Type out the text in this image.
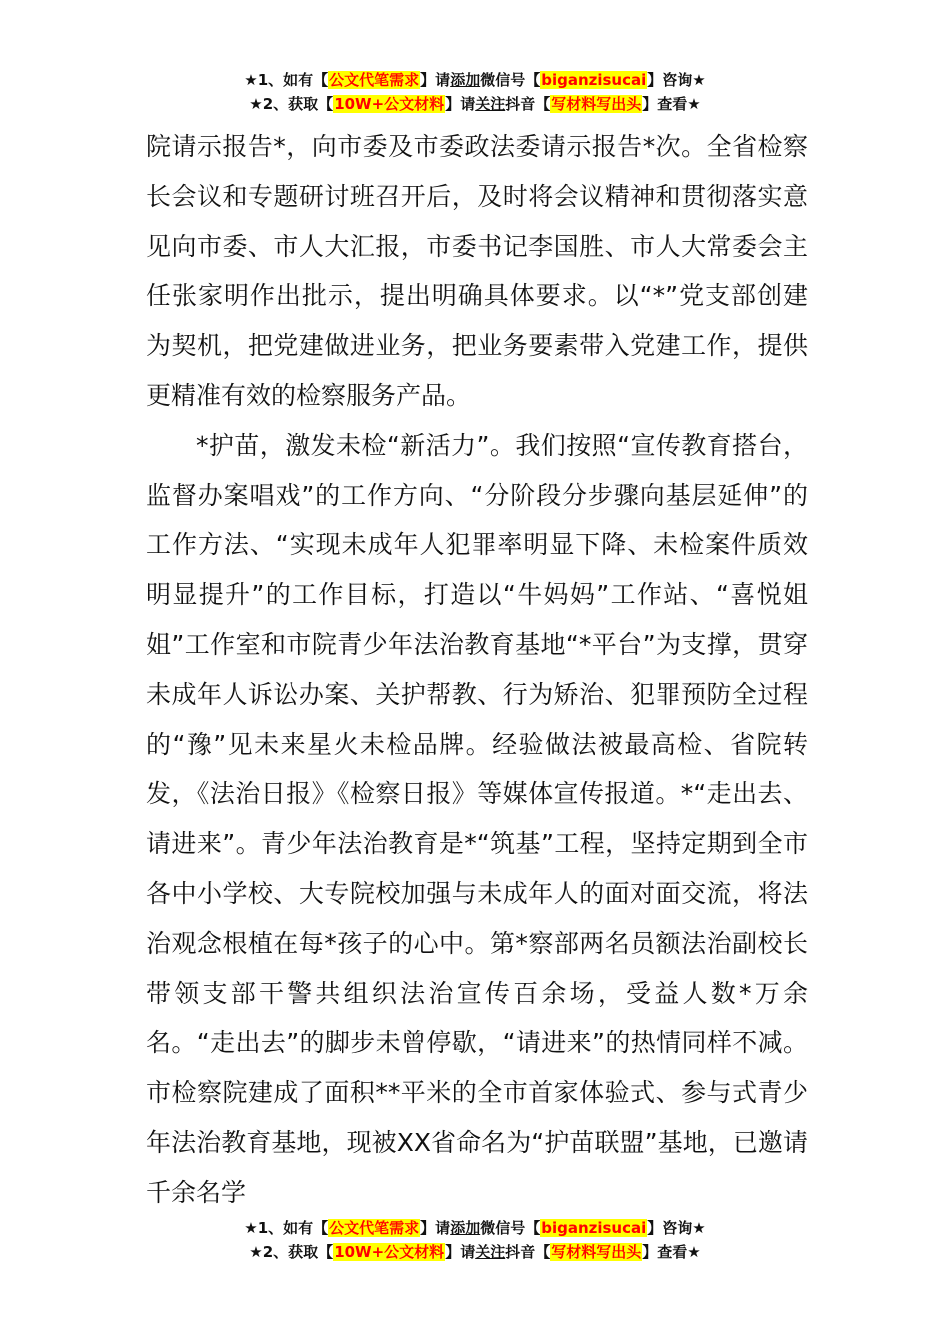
★1、如有【公文代笔需求】请添加微信号【biganzisucai】咨询★
★2、获取【10W+公文材料】请关注抖音【写材料写出头】查看★

院请示报告*，向市委及市委政法委请示报告*次。全省检察长会议和专题研讨班召开后，及时将会议精神和贯彻落实意见向市委、市人大汇报，市委书记李国胜、市人大常委会主任张家明作出批示，提出明确具体要求。以“*”党支部创建为契机，把党建做进业务，把业务要素带入党建工作，提供更精准有效的检察服务产品。

*护苗，激发未检“新活力”。我们按照“宣传教育搭台，监督办案唱戏”的工作方向、“分阶段分步骤向基层延伸”的工作方法、“实现未成年人犯罪率明显下降、未检案件质效明显提升”的工作目标，打造以“牛妈妈”工作站、“喜悦姐姐”工作室和市院青少年法治教育基地“*平台”为支撑，贯穿未成年人诉讼办案、关护帮教、行为矫治、犯罪预防全过程的“豫”见未来星火未检品牌。经验做法被最高检、省院转发，《法治日报》《检察日报》等媒体宣传报道。*“走出去、请进来”。青少年法治教育是*“筑基”工程，坚持定期到全市各中小学校、大专院校加强与未成年人的面对面交流，将法治观念根植在每*孩子的心中。第*察部两名员额法治副校长带领支部干警共组织法治宣传百余场，受益人数*万余名。“走出去”的脚步未曾停歇，“请进来”的热情同样不减。市检察院建成了面积**平米的全市首家体验式、参与式青少年法治教育基地，现被XX省命名为“护苗联盟”基地，已邀请千余名学

★1、如有【公文代笔需求】请添加微信号【biganzisucai】咨询★
★2、获取【10W+公文材料】请关注抖音【写材料写出头】查看★
